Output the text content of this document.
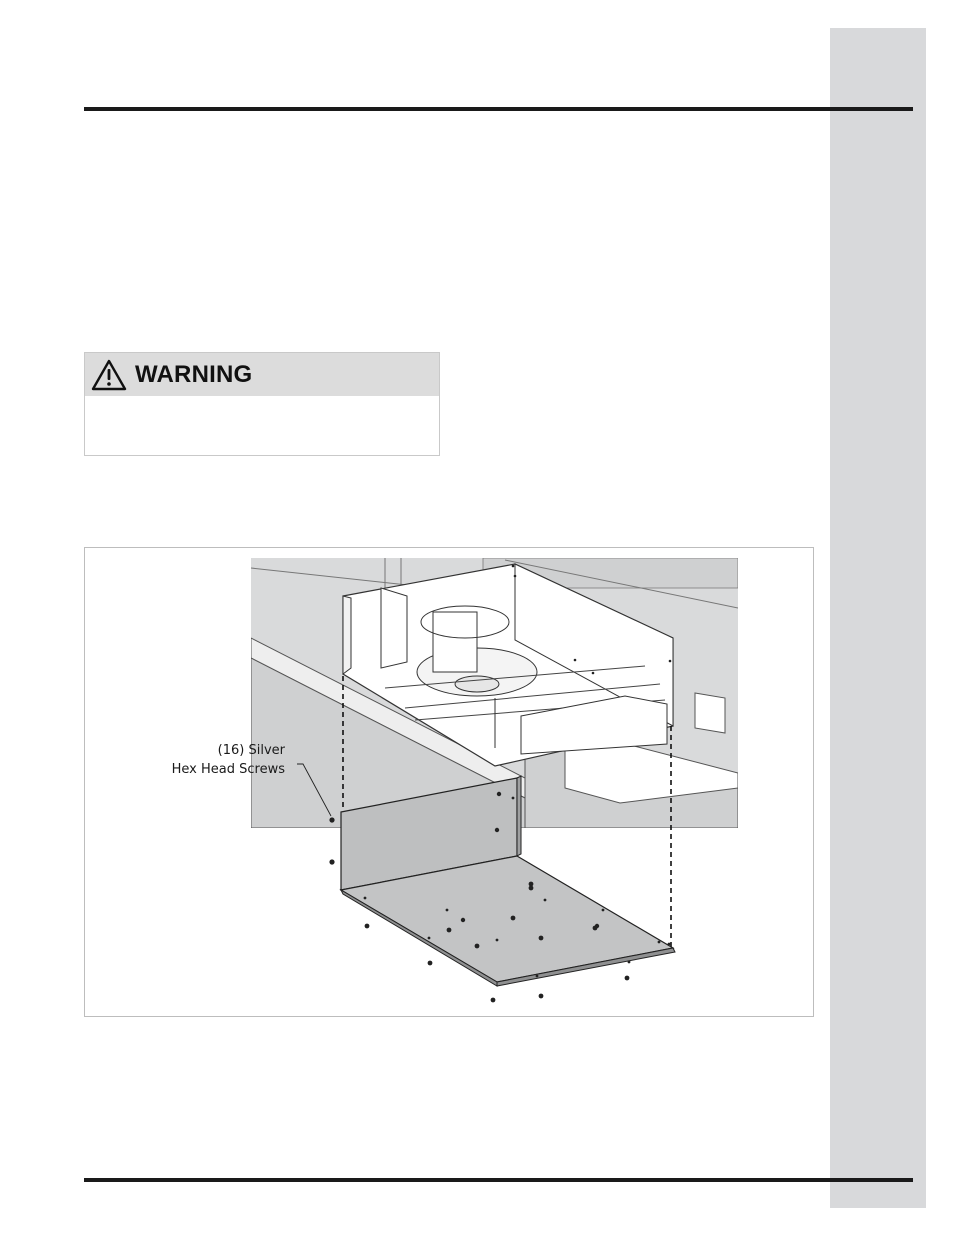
WARNING
(16) Silver
Hex Head Screws
